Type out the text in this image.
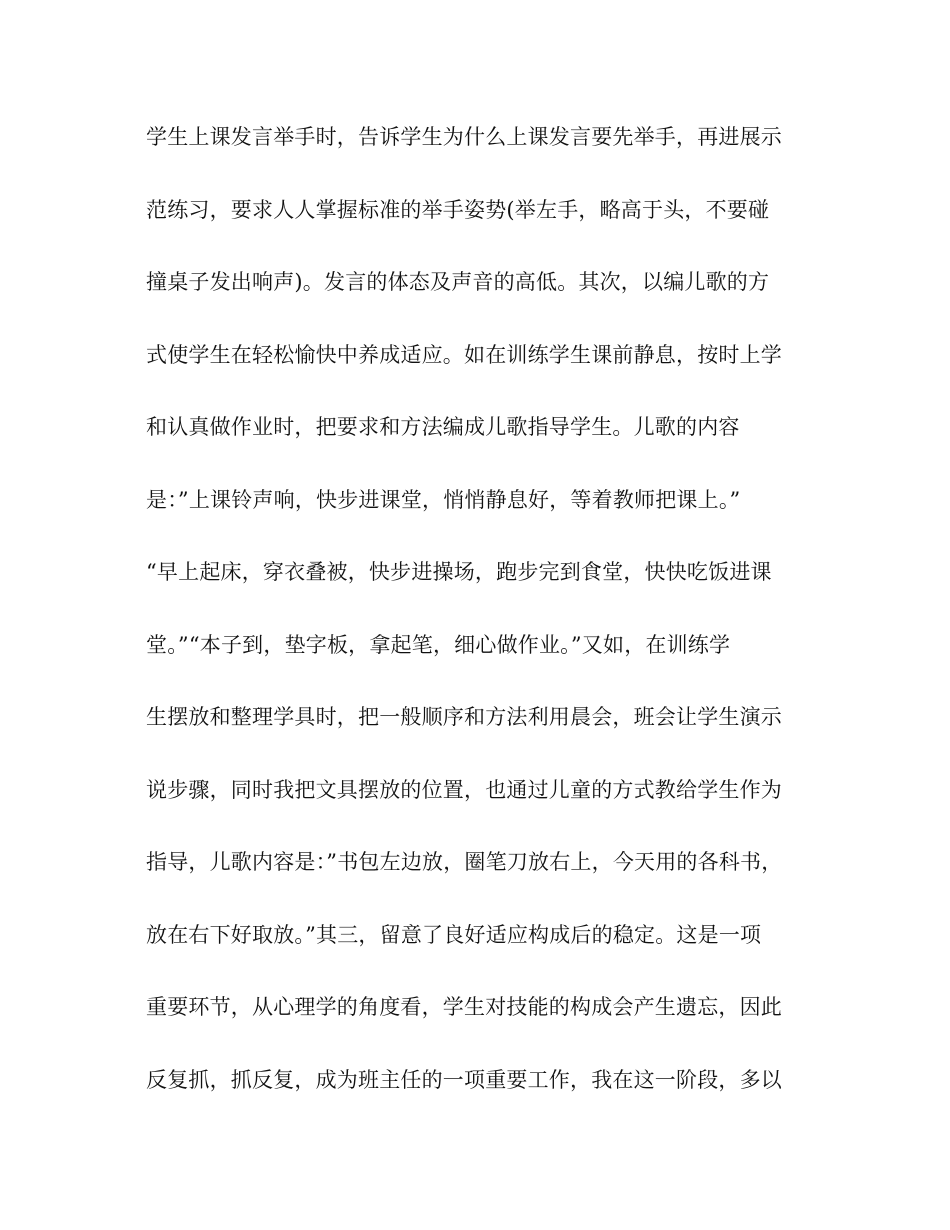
学生上课发言举手时，告诉学生为什么上课发言要先举手，再进展示

范练习，要求人人掌握标准的举手姿势(举左手，略高于头，不要碰

撞桌子发出响声)。发言的体态及声音的高低。其次，以编儿歌的方

式使学生在轻松愉快中养成适应。如在训练学生课前静息，按时上学

和认真做作业时，把要求和方法编成儿歌指导学生。儿歌的内容

是：”上课铃声响，快步进课堂，悄悄静息好，等着教师把课上。”

“早上起床，穿衣叠被，快步进操场，跑步完到食堂，快快吃饭进课

堂。”“本子到，垫字板，拿起笔，细心做作业。”又如，在训练学

生摆放和整理学具时，把一般顺序和方法利用晨会，班会让学生演示

说步骤，同时我把文具摆放的位置，也通过儿童的方式教给学生作为

指导，儿歌内容是：”书包左边放，圈笔刀放右上，今天用的各科书，

放在右下好取放。”其三，留意了良好适应构成后的稳定。这是一项

重要环节，从心理学的角度看，学生对技能的构成会产生遗忘，因此

反复抓，抓反复，成为班主任的一项重要工作，我在这一阶段，多以
